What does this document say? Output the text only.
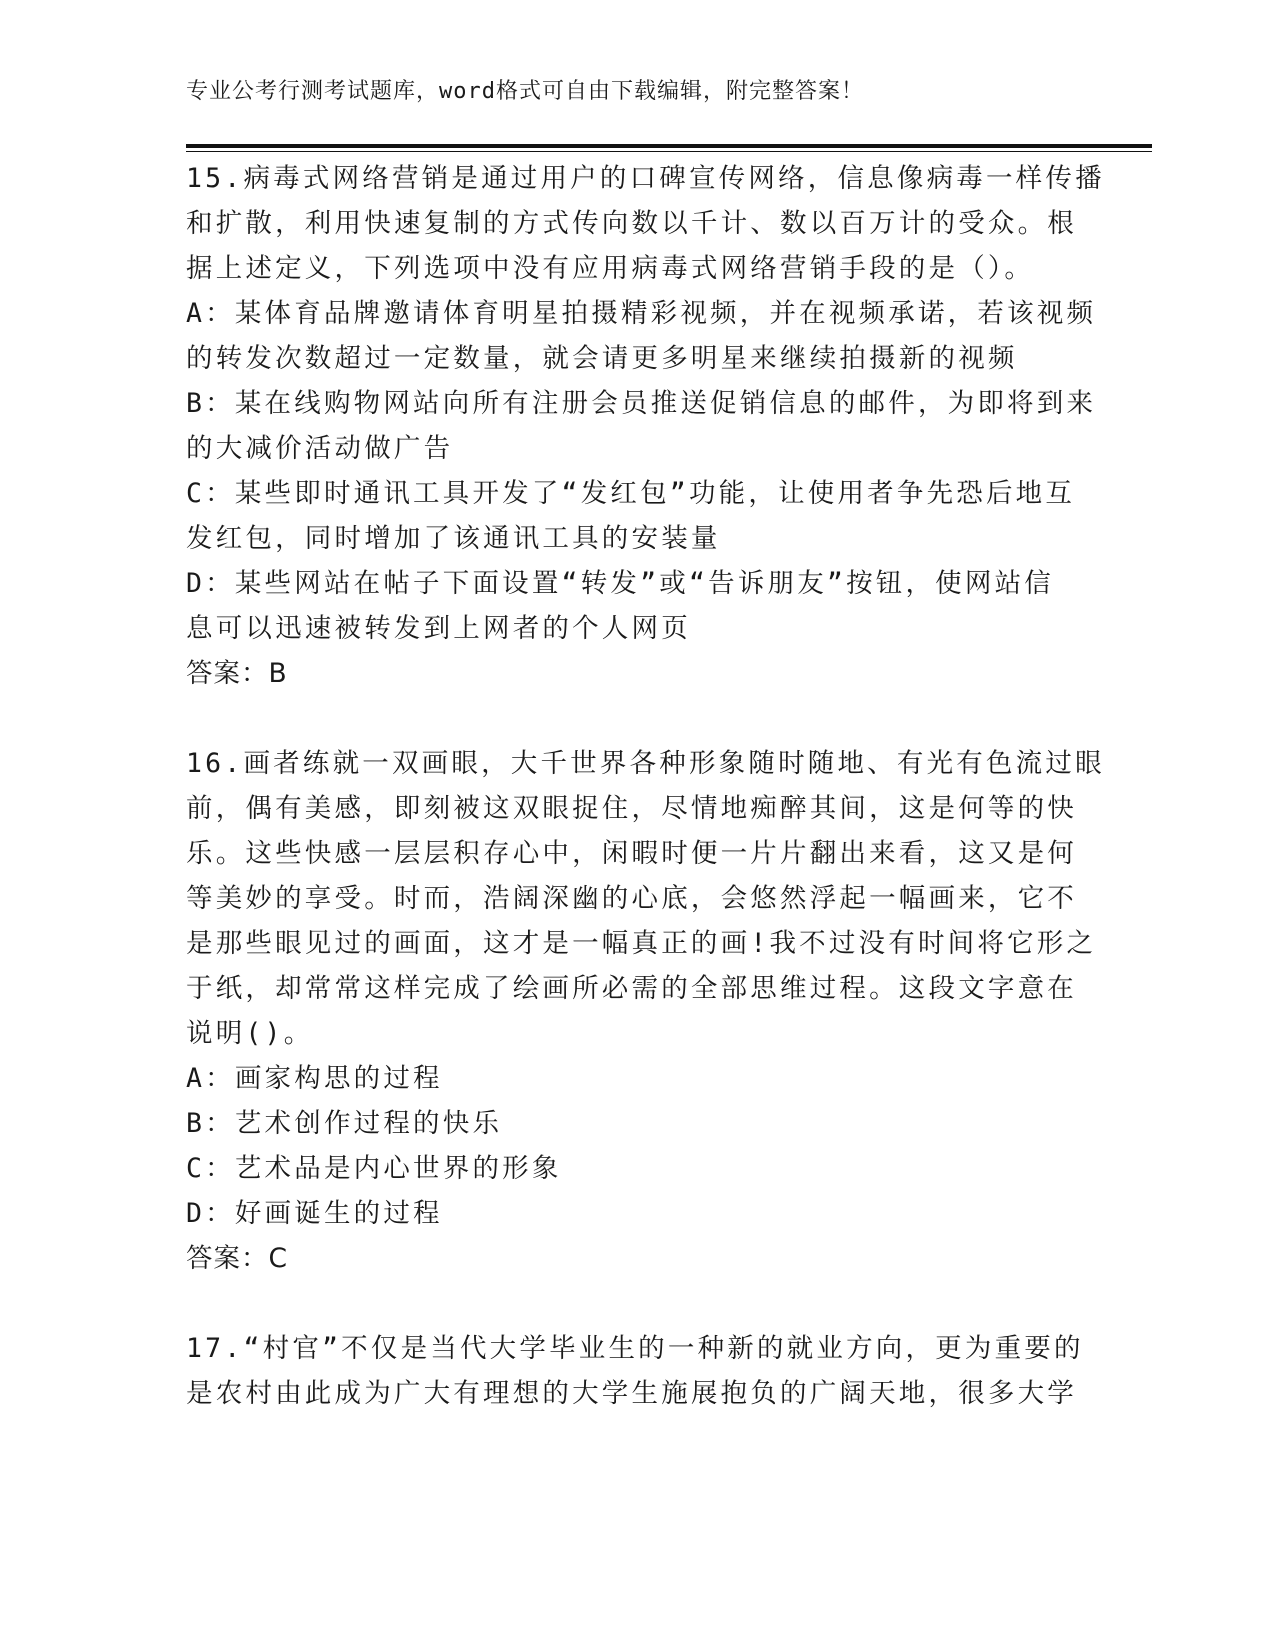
专业公考行测考试题库，word格式可自由下载编辑，附完整答案！
15.病毒式网络营销是通过用户的口碑宣传网络，信息像病毒一样传播
和扩散，利用快速复制的方式传向数以千计、数以百万计的受众。根
据上述定义，下列选项中没有应用病毒式网络营销手段的是（）。
A：某体育品牌邀请体育明星拍摄精彩视频，并在视频承诺，若该视频
的转发次数超过一定数量，就会请更多明星来继续拍摄新的视频
B：某在线购物网站向所有注册会员推送促销信息的邮件，为即将到来
的大减价活动做广告
C：某些即时通讯工具开发了“发红包”功能，让使用者争先恐后地互
发红包，同时增加了该通讯工具的安装量
D：某些网站在帖子下面设置“转发”或“告诉朋友”按钮，使网站信
息可以迅速被转发到上网者的个人网页
答案：B
16.画者练就一双画眼，大千世界各种形象随时随地、有光有色流过眼
前，偶有美感，即刻被这双眼捉住，尽情地痴醉其间，这是何等的快
乐。这些快感一层层积存心中，闲暇时便一片片翻出来看，这又是何
等美妙的享受。时而，浩阔深幽的心底，会悠然浮起一幅画来，它不
是那些眼见过的画面，这才是一幅真正的画!我不过没有时间将它形之
于纸，却常常这样完成了绘画所必需的全部思维过程。这段文字意在
说明()。
A：画家构思的过程
B：艺术创作过程的快乐
C：艺术品是内心世界的形象
D：好画诞生的过程
答案：C
17.“村官”不仅是当代大学毕业生的一种新的就业方向，更为重要的
是农村由此成为广大有理想的大学生施展抱负的广阔天地，很多大学
